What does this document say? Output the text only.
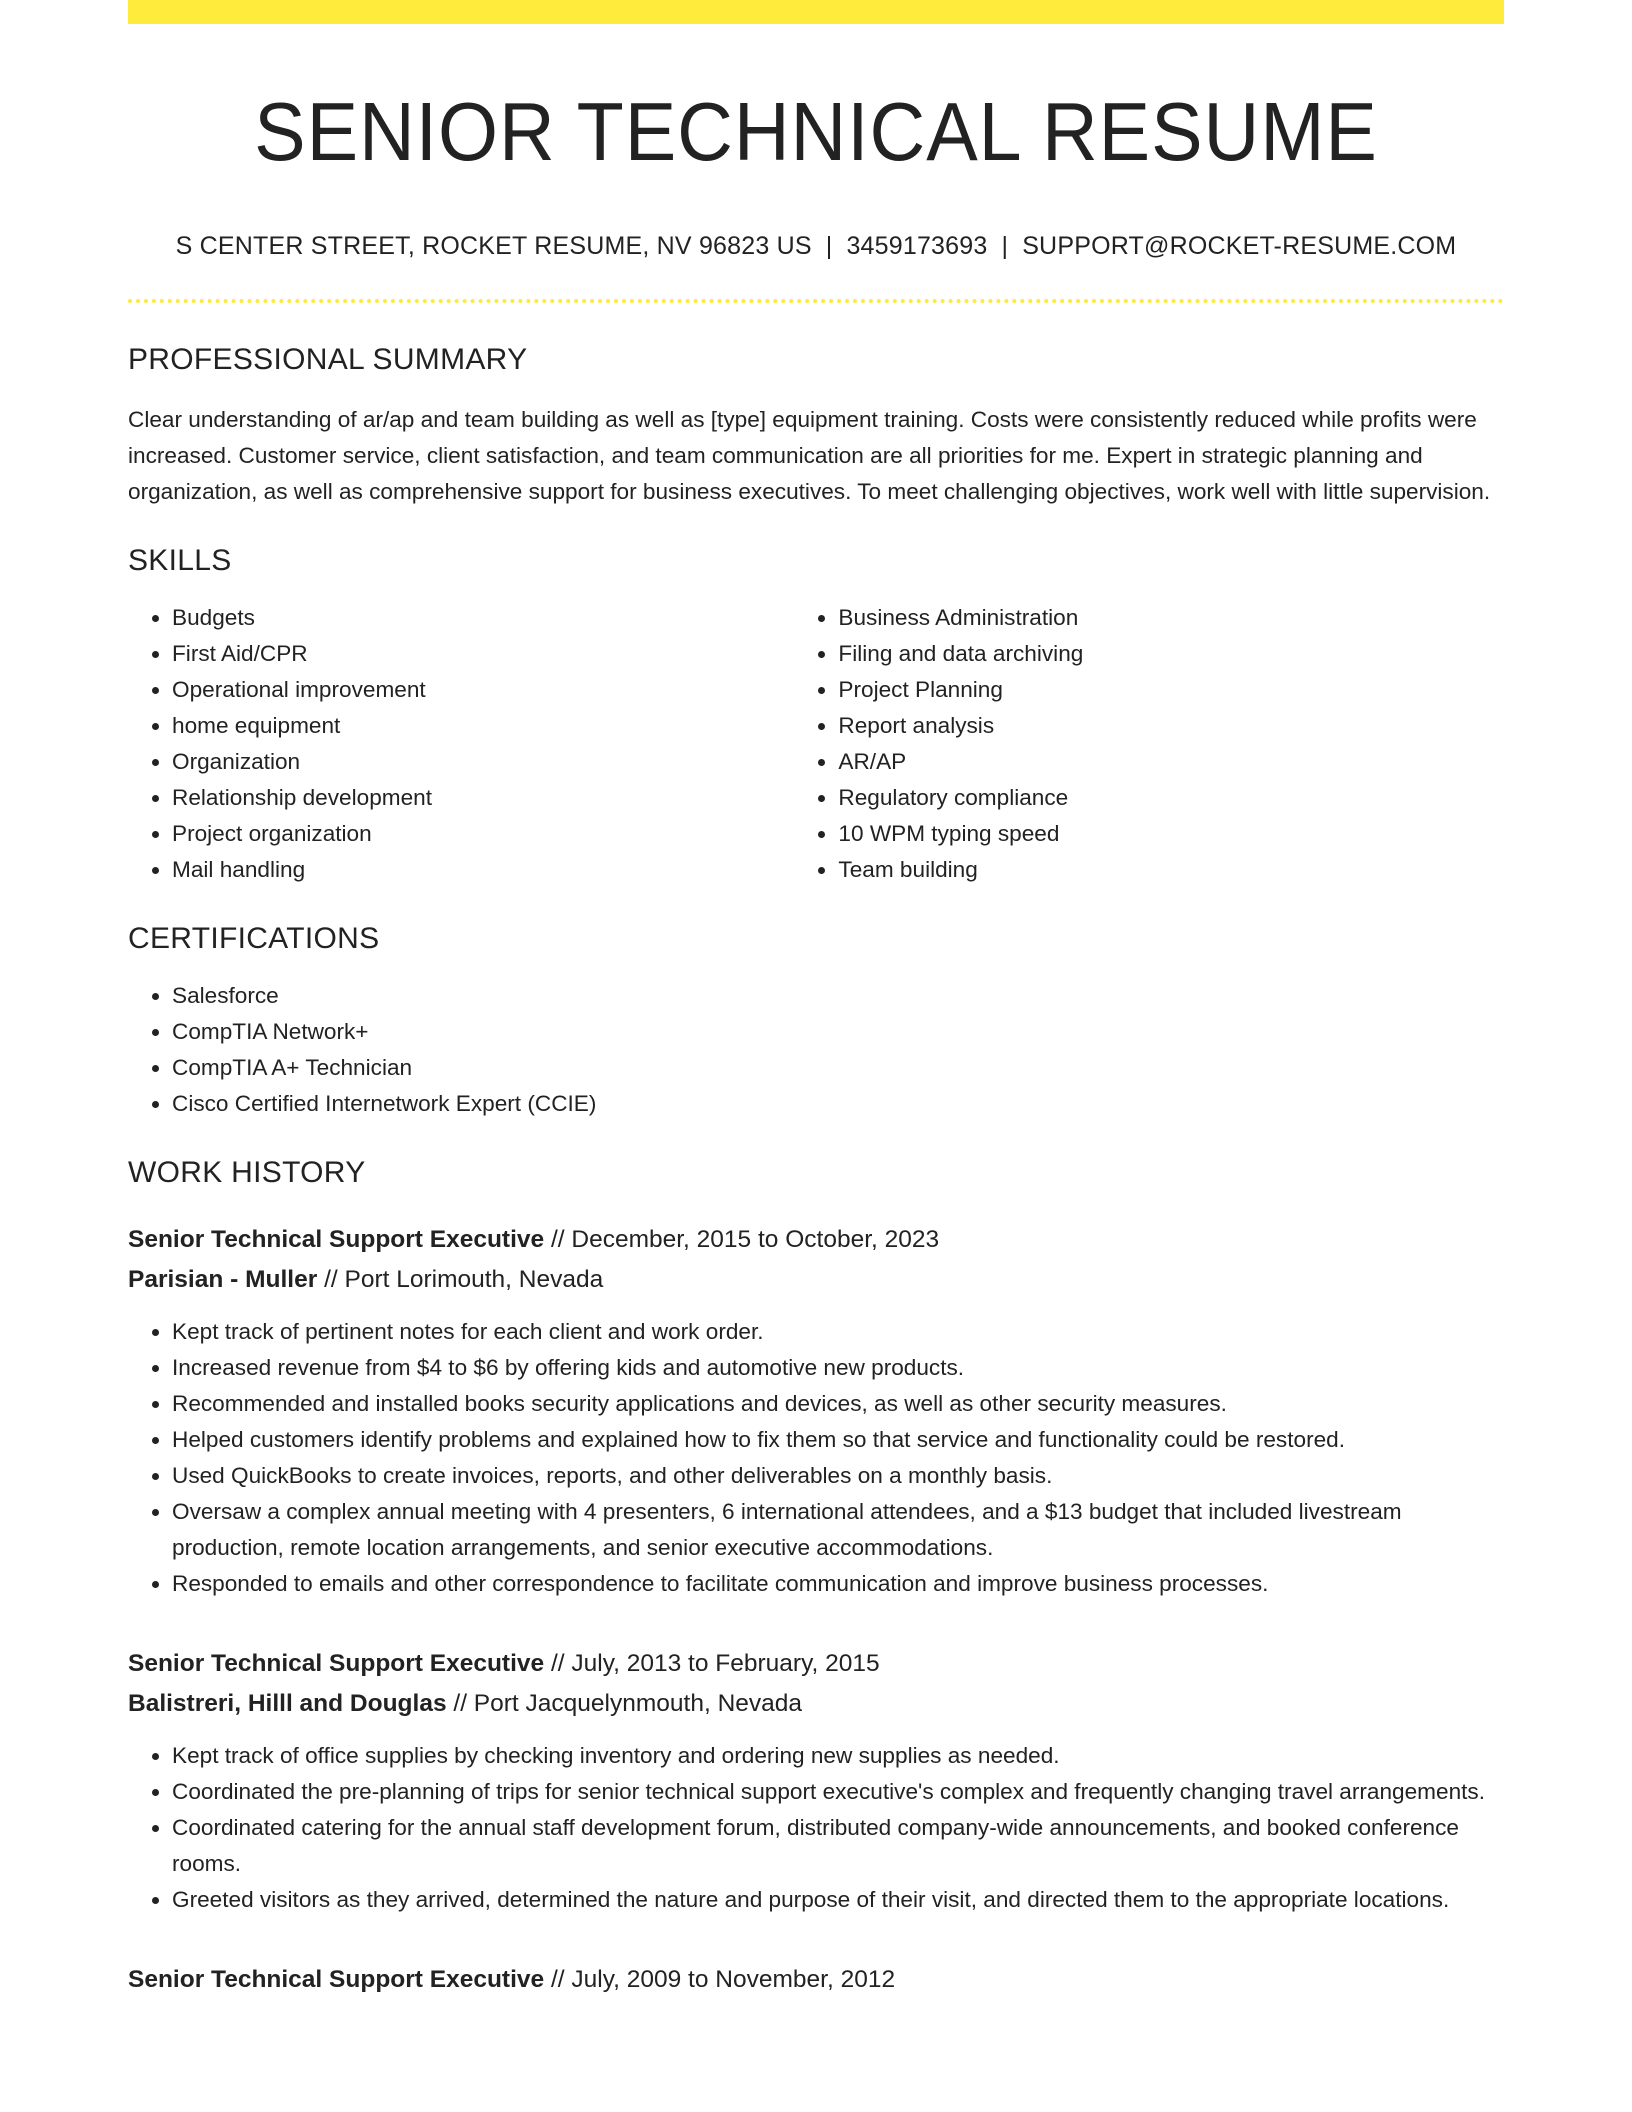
SENIOR TECHNICAL RESUME
S CENTER STREET, ROCKET RESUME, NV 96823 US | 3459173693 | SUPPORT@ROCKET-RESUME.COM
PROFESSIONAL SUMMARY
Clear understanding of ar/ap and team building as well as [type] equipment training. Costs were consistently reduced while profits were increased. Customer service, client satisfaction, and team communication are all priorities for me. Expert in strategic planning and organization, as well as comprehensive support for business executives. To meet challenging objectives, work well with little supervision.
SKILLS
• Budgets
• First Aid/CPR
• Operational improvement
• home equipment
• Organization
• Relationship development
• Project organization
• Mail handling
• Business Administration
• Filing and data archiving
• Project Planning
• Report analysis
• AR/AP
• Regulatory compliance
• 10 WPM typing speed
• Team building
CERTIFICATIONS
• Salesforce
• CompTIA Network+
• CompTIA A+ Technician
• Cisco Certified Internetwork Expert (CCIE)
WORK HISTORY
Senior Technical Support Executive // December, 2015 to October, 2023
Parisian - Muller // Port Lorimouth, Nevada
• Kept track of pertinent notes for each client and work order.
• Increased revenue from $4 to $6 by offering kids and automotive new products.
• Recommended and installed books security applications and devices, as well as other security measures.
• Helped customers identify problems and explained how to fix them so that service and functionality could be restored.
• Used QuickBooks to create invoices, reports, and other deliverables on a monthly basis.
• Oversaw a complex annual meeting with 4 presenters, 6 international attendees, and a $13 budget that included livestream production, remote location arrangements, and senior executive accommodations.
• Responded to emails and other correspondence to facilitate communication and improve business processes.
Senior Technical Support Executive // July, 2013 to February, 2015
Balistreri, Hilll and Douglas // Port Jacquelynmouth, Nevada
• Kept track of office supplies by checking inventory and ordering new supplies as needed.
• Coordinated the pre-planning of trips for senior technical support executive's complex and frequently changing travel arrangements.
• Coordinated catering for the annual staff development forum, distributed company-wide announcements, and booked conference rooms.
• Greeted visitors as they arrived, determined the nature and purpose of their visit, and directed them to the appropriate locations.
Senior Technical Support Executive // July, 2009 to November, 2012
